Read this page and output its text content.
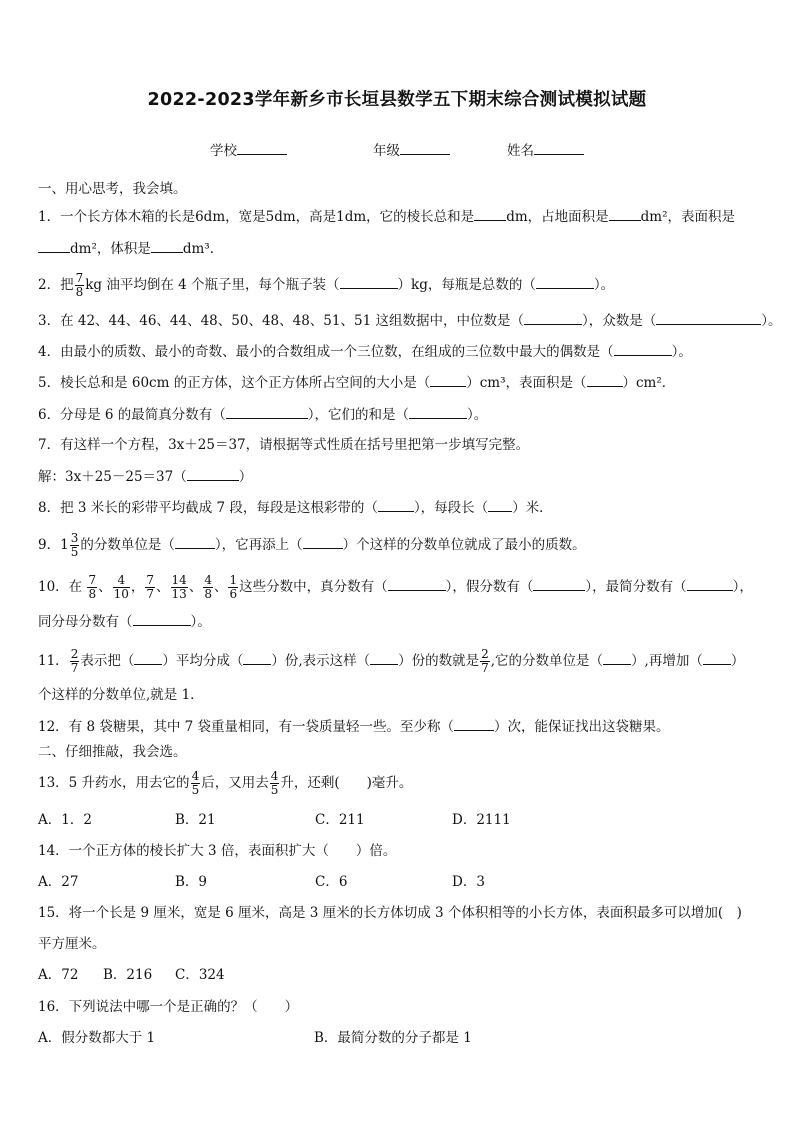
2022-2023学年新乡市长垣县数学五下期末综合测试模拟试题
学校	年级	姓名
一、用心思考，我会填。
1．一个长方体木箱的长是6dm，宽是5dm，高是1dm，它的棱长总和是 dm，占地面积是 dm²，表面积是
dm²，体积是 dm³．
2．把 $\frac{7}{8}$ kg 油平均倒在 4 个瓶子里，每个瓶子装（	）kg，每瓶是总数的（	）。
3．在 42、44、46、44、48、50、48、48、51、51 这组数据中，中位数是（	），众数是（	）。
4．由最小的质数、最小的奇数、最小的合数组成一个三位数，在组成的三位数中最大的偶数是（	）。
5．棱长总和是 60cm 的正方体，这个正方体所占空间的大小是（	）cm³，表面积是（	）cm²．
6．分母是 6 的最简真分数有（	），它们的和是（	）。
7．有这样一个方程，3x＋25＝37，请根据等式性质在括号里把第一步填写完整。
解：3x＋25－25＝37（	）
8．把 3 米长的彩带平均截成 7 段，每段是这根彩带的（	），每段长（ ）米．
9．$1 \frac{3}{5}$ 的分数单位是（	），它再添上（	）个这样的分数单位就成了最小的质数。
10．在 $\frac{7}{8}$ 、 $\frac{4}{10}$ ， $\frac{7}{7}$ 、 $\frac{14}{13}$ 、 $\frac{4}{8}$ 、 $\frac{1}{6}$ 这些分数中，真分数有（	），假分数有（	），最简分数有（	），
同分母分数有（	）。
11． $\frac{2}{7}$ 表示把（ ）平均分成（ ）份,表示这样（ ）份的数就是 $\frac{2}{7}$ ,它的分数单位是（ ）,再增加（ ）
个这样的分数单位,就是 1．
12．有 8 袋糖果，其中 7 袋重量相同，有一袋质量轻一些。至少称（	）次，能保证找出这袋糖果。
二、仔细推敲，我会选。
13．5 升药水，用去它的 $\frac{4}{5}$ 后，又用去 $\frac{4}{5}$ 升，还剩(　　)毫升。
A．1．2	B．21	C．211	D．2111
14．一个正方体的棱长扩大 3 倍，表面积扩大（　　）倍。
A．27	B．9	C．6	D．3
15．将一个长是 9 厘米，宽是 6 厘米，高是 3 厘米的长方体切成 3 个体积相等的小长方体，表面积最多可以增加(　)
平方厘米。
A．72 B．216 C．324
16．下列说法中哪一个是正确的？（　　）
A．假分数都大于 1	B．最简分数的分子都是 1
